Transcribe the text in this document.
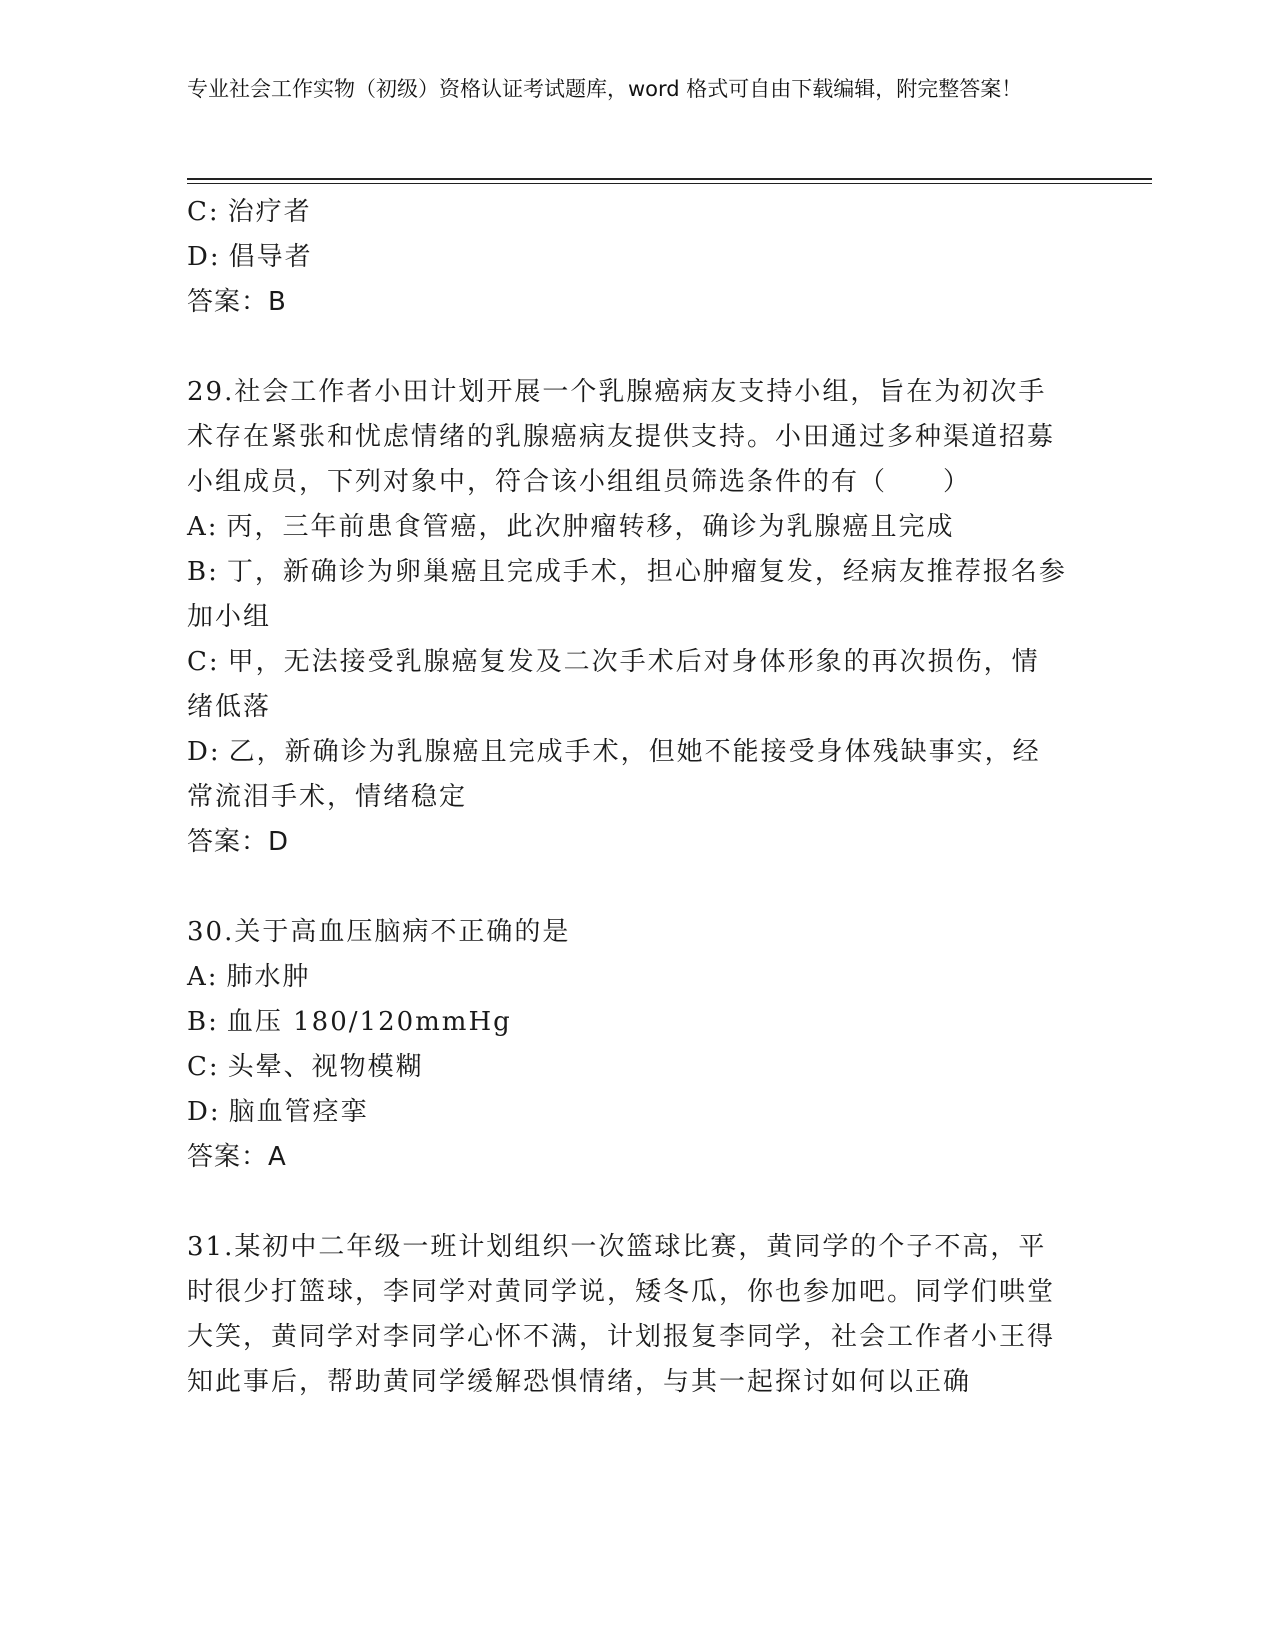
专业社会工作实物（初级）资格认证考试题库，word 格式可自由下载编辑，附完整答案！
C: 治疗者
D: 倡导者
答案：B
29.社会工作者小田计划开展一个乳腺癌病友支持小组，旨在为初次手术存在紧张和忧虑情绪的乳腺癌病友提供支持。小田通过多种渠道招募小组成员，下列对象中，符合该小组组员筛选条件的有（　　）
A: 丙，三年前患食管癌，此次肿瘤转移，确诊为乳腺癌且完成
B: 丁，新确诊为卵巢癌且完成手术，担心肿瘤复发，经病友推荐报名参加小组
C: 甲，无法接受乳腺癌复发及二次手术后对身体形象的再次损伤，情绪低落
D: 乙，新确诊为乳腺癌且完成手术，但她不能接受身体残缺事实，经常流泪手术，情绪稳定
答案：D
30.关于高血压脑病不正确的是
A: 肺水肿
B: 血压 180/120mmHg
C: 头晕、视物模糊
D: 脑血管痉挛
答案：A
31.某初中二年级一班计划组织一次篮球比赛，黄同学的个子不高，平时很少打篮球，李同学对黄同学说，矮冬瓜，你也参加吧。同学们哄堂大笑，黄同学对李同学心怀不满，计划报复李同学，社会工作者小王得知此事后，帮助黄同学缓解恐惧情绪，与其一起探讨如何以正确
